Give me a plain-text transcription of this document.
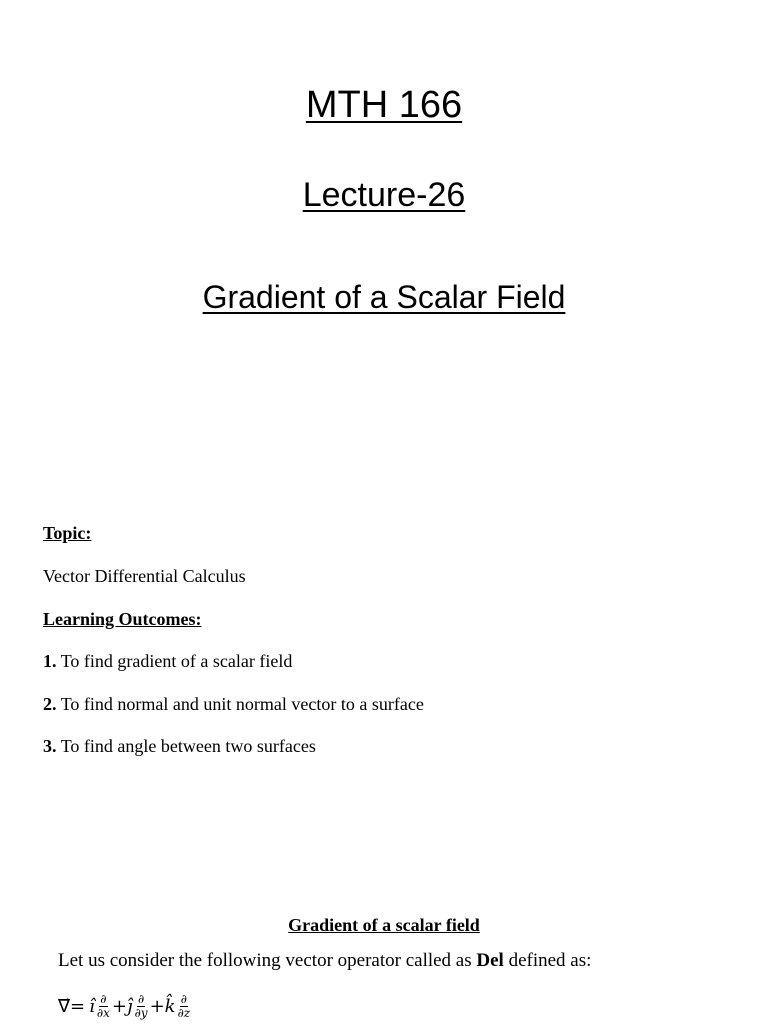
MTH 166
Lecture-26
Gradient of a Scalar Field
Topic:
Vector Differential Calculus
Learning Outcomes:
1. To find gradient of a scalar field
2. To find normal and unit normal vector to a surface
3. To find angle between two surfaces
Gradient of a scalar field
Let us consider the following vector operator called as Del defined as:
∇⃗ = î $\frac{\partial}{\partial x}$ + ĵ $\frac{\partial}{\partial y}$ + k̂ $\frac{\partial}{\partial z}$
